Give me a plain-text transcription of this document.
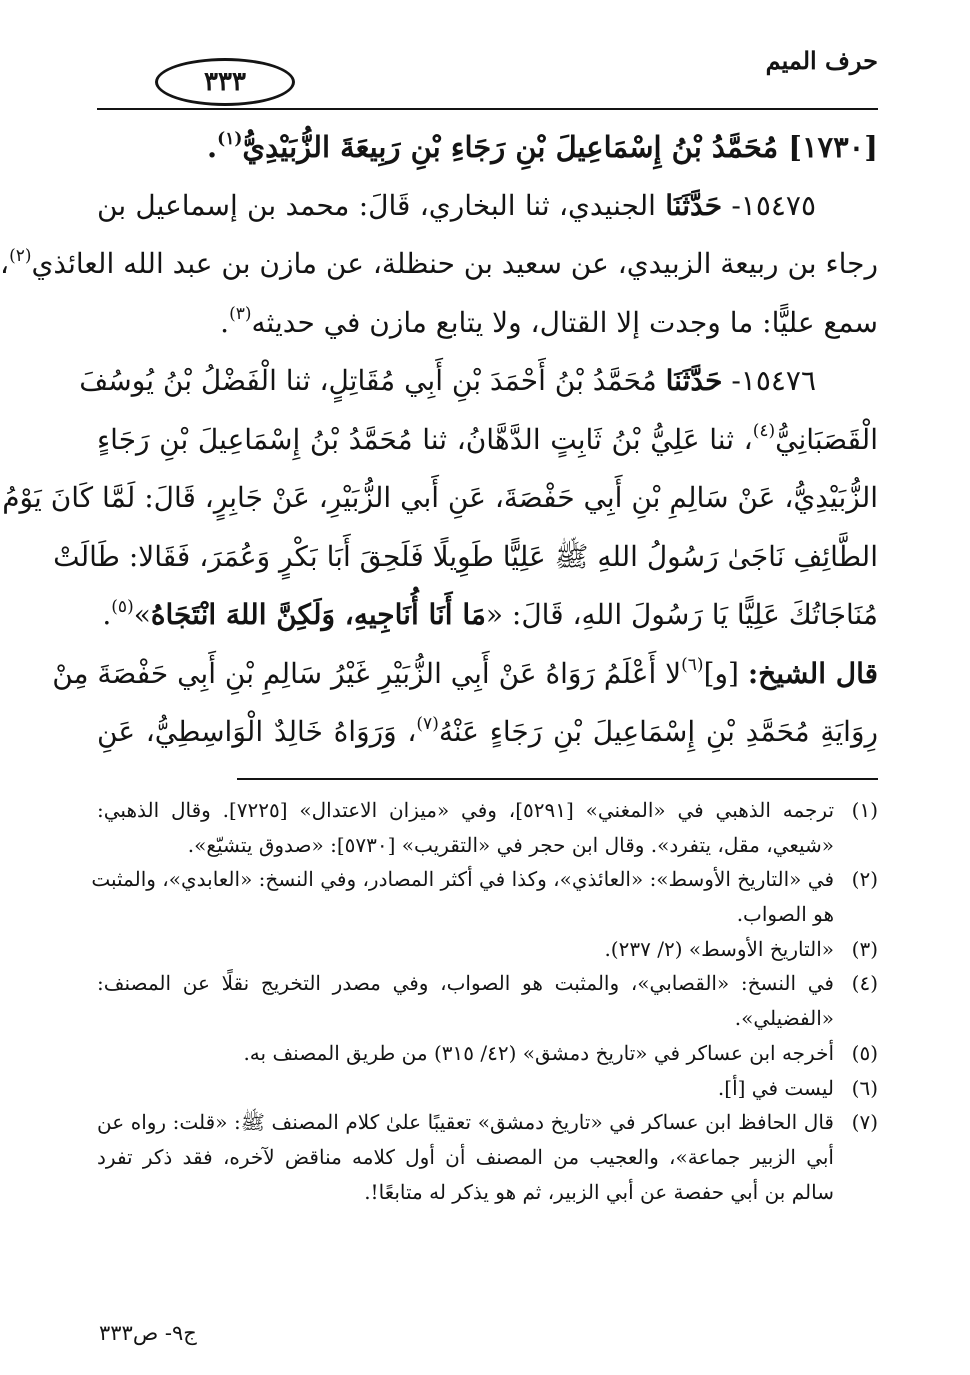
حرف الميم
٣٣٣
[١٧٣٠] مُحَمَّدُ بْنُ إِسْمَاعِيلَ بْنِ رَجَاءِ بْنِ رَبِيعَةَ الزُّبَيْدِيُّ$^{(١)}$.
١٥٤٧٥- حَدَّثَنَا الجنيدي، ثنا البخاري، قَالَ: محمد بن إسماعيل بن
رجاء بن ربيعة الزبيدي، عن سعيد بن حنظلة، عن مازن بن عبد الله العائذي$^{(٢)}$،
سمع عليًّا: ما وجدت إلا القتال، ولا يتابع مازن في حديثه$^{(٣)}$.
١٥٤٧٦- حَدَّثَنَا مُحَمَّدُ بْنُ أَحْمَدَ بْنِ أَبِي مُقَاتِلٍ، ثنا الْفَضْلُ بْنُ يُوسُفَ
الْقَصَبَانِيُّ$^{(٤)}$، ثنا عَلِيُّ بْنُ ثَابِتٍ الدَّهَّانُ، ثنا مُحَمَّدُ بْنُ إِسْمَاعِيلَ بْنِ رَجَاءٍ
الزُّبَيْدِيُّ، عَنْ سَالِمِ بْنِ أَبِي حَفْصَةَ، عَنِ أَبي الزُّبَيْرِ، عَنْ جَابِرٍ، قَالَ: لَمَّا كَانَ يَوْمُ
الطَّائِفِ نَاجَىٰ رَسُولُ اللهِ ﷺ عَلِيًّا طَوِيلًا فَلَحِقَ أَبَا بَكْرٍ وَعُمَرَ، فَقَالا: طَالَتْ
مُنَاجَاتُكَ عَلِيًّا يَا رَسُولَ اللهِ، قَالَ: «مَا أَنَا أُنَاجِيهِ، وَلَكِنَّ اللهَ انْتَجَاهُ»$^{(٥)}$.
قال الشيخ: [و]$^{(٦)}$لا أَعْلَمُ رَوَاهُ عَنْ أَبِي الزُّبَيْرِ غَيْرُ سَالِمِ بْنِ أَبِي حَفْصَةَ مِنْ
رِوَايَةِ مُحَمَّدِ بْنِ إِسْمَاعِيلَ بْنِ رَجَاءٍ عَنْهُ$^{(٧)}$، وَرَوَاهُ خَالِدٌ الْوَاسِطِيُّ، عَنِ
(١)ترجمه الذهبي في «المغني» [٥٢٩١]، وفي «ميزان الاعتدال» [٧٢٢٥]. وقال الذهبي:
«شيعي، مقل، يتفرد». وقال ابن حجر في «التقريب» [٥٧٣٠]: «صدوق يتشيّع».
(٢)في «التاريخ الأوسط»: «العائذي»، وكذا في أكثر المصادر، وفي النسخ: «العابدي»، والمثبت
هو الصواب.
(٣)«التاريخ الأوسط» (٢/ ٢٣٧).
(٤)في النسخ: «القصابي»، والمثبت هو الصواب، وفي مصدر التخريج نقلًا عن المصنف:
«الفضيلي».
(٥)أخرجه ابن عساكر في «تاريخ دمشق» (٤٢/ ٣١٥) من طريق المصنف به.
(٦)ليست في [أ].
(٧)قال الحافظ ابن عساكر في «تاريخ دمشق» تعقيبًا علىٰ كلام المصنف ﷺ: «قلت: رواه عن
أبي الزبير جماعة»، والعجيب من المصنف أن أول كلامه مناقض لآخره، فقد ذكر تفرد
سالم بن أبي حفصة عن أبي الزبير، ثم هو يذكر له متابعًا!.
ج٩- ص٣٣٣
